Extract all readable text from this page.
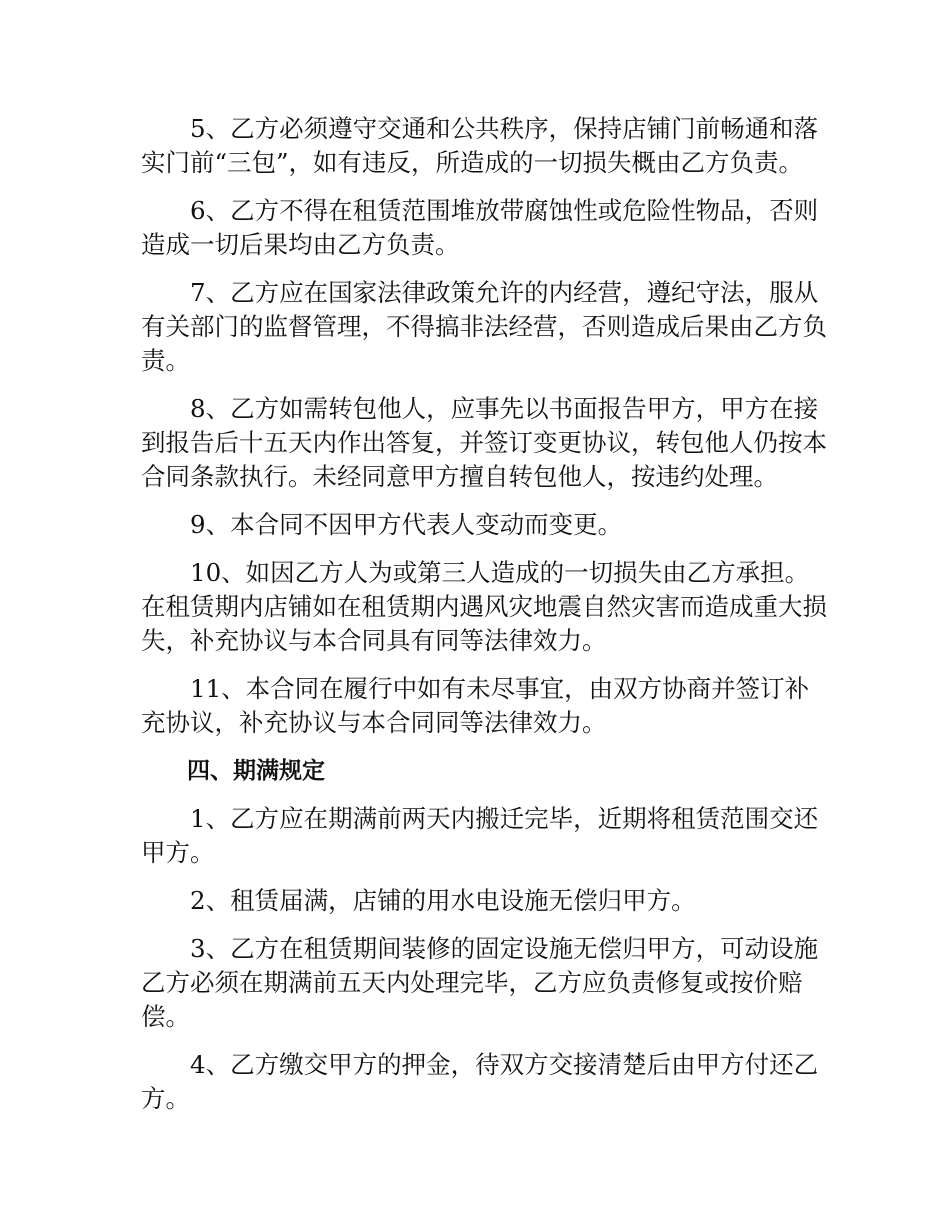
5、乙方必须遵守交通和公共秩序，保持店铺门前畅通和落实门前“三包”，如有违反，所造成的一切损失概由乙方负责。

6、乙方不得在租赁范围堆放带腐蚀性或危险性物品，否则造成一切后果均由乙方负责。

7、乙方应在国家法律政策允许的内经营，遵纪守法，服从有关部门的监督管理，不得搞非法经营，否则造成后果由乙方负责。

8、乙方如需转包他人，应事先以书面报告甲方，甲方在接到报告后十五天内作出答复，并签订变更协议，转包他人仍按本合同条款执行。未经同意甲方擅自转包他人，按违约处理。

9、本合同不因甲方代表人变动而变更。

10、如因乙方人为或第三人造成的一切损失由乙方承担。在租赁期内店铺如在租赁期内遇风灾地震自然灾害而造成重大损失，补充协议与本合同具有同等法律效力。

11、本合同在履行中如有未尽事宜，由双方协商并签订补充协议，补充协议与本合同同等法律效力。

四、期满规定

1、乙方应在期满前两天内搬迁完毕，近期将租赁范围交还甲方。

2、租赁届满，店铺的用水电设施无偿归甲方。

3、乙方在租赁期间装修的固定设施无偿归甲方，可动设施乙方必须在期满前五天内处理完毕，乙方应负责修复或按价赔偿。

4、乙方缴交甲方的押金，待双方交接清楚后由甲方付还乙方。
